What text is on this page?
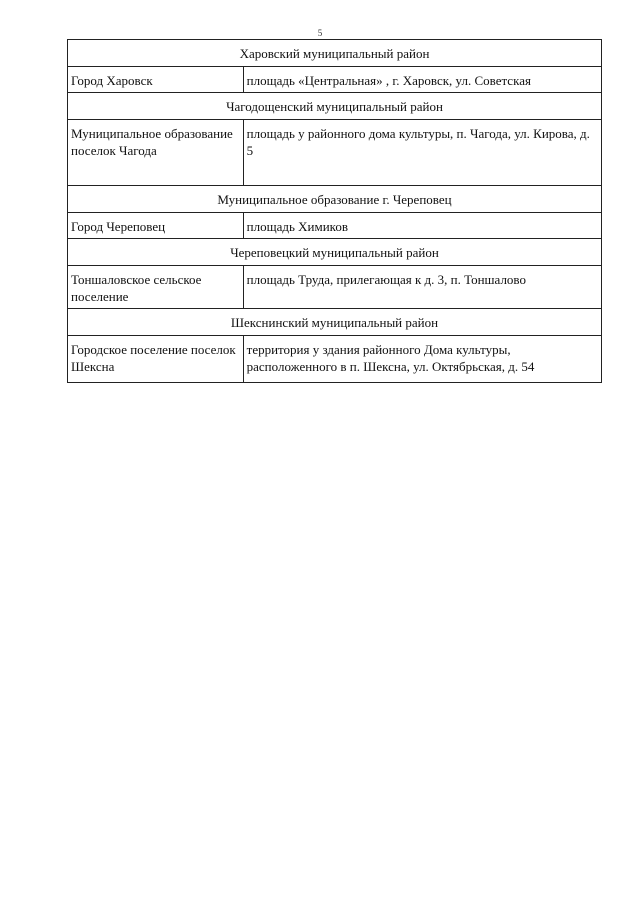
5
Харовский муниципальный район	
Город Харовск	площадь «Центральная» , г. Харовск, ул. Советская
Чагодощенский муниципальный район	
Муниципальное образование поселок Чагода	площадь у районного дома культуры, п. Чагода, ул. Кирова, д. 5
Муниципальное образование г. Череповец	
Город Череповец	площадь Химиков
Череповецкий муниципальный район	
Тоншаловское сельское поселение	площадь Труда, прилегающая к д. 3, п. Тоншалово
Шекснинский муниципальный район	
Городское поселение поселок Шексна	территория у здания районного Дома культуры, расположенного в п. Шексна, ул. Октябрьская, д. 54
